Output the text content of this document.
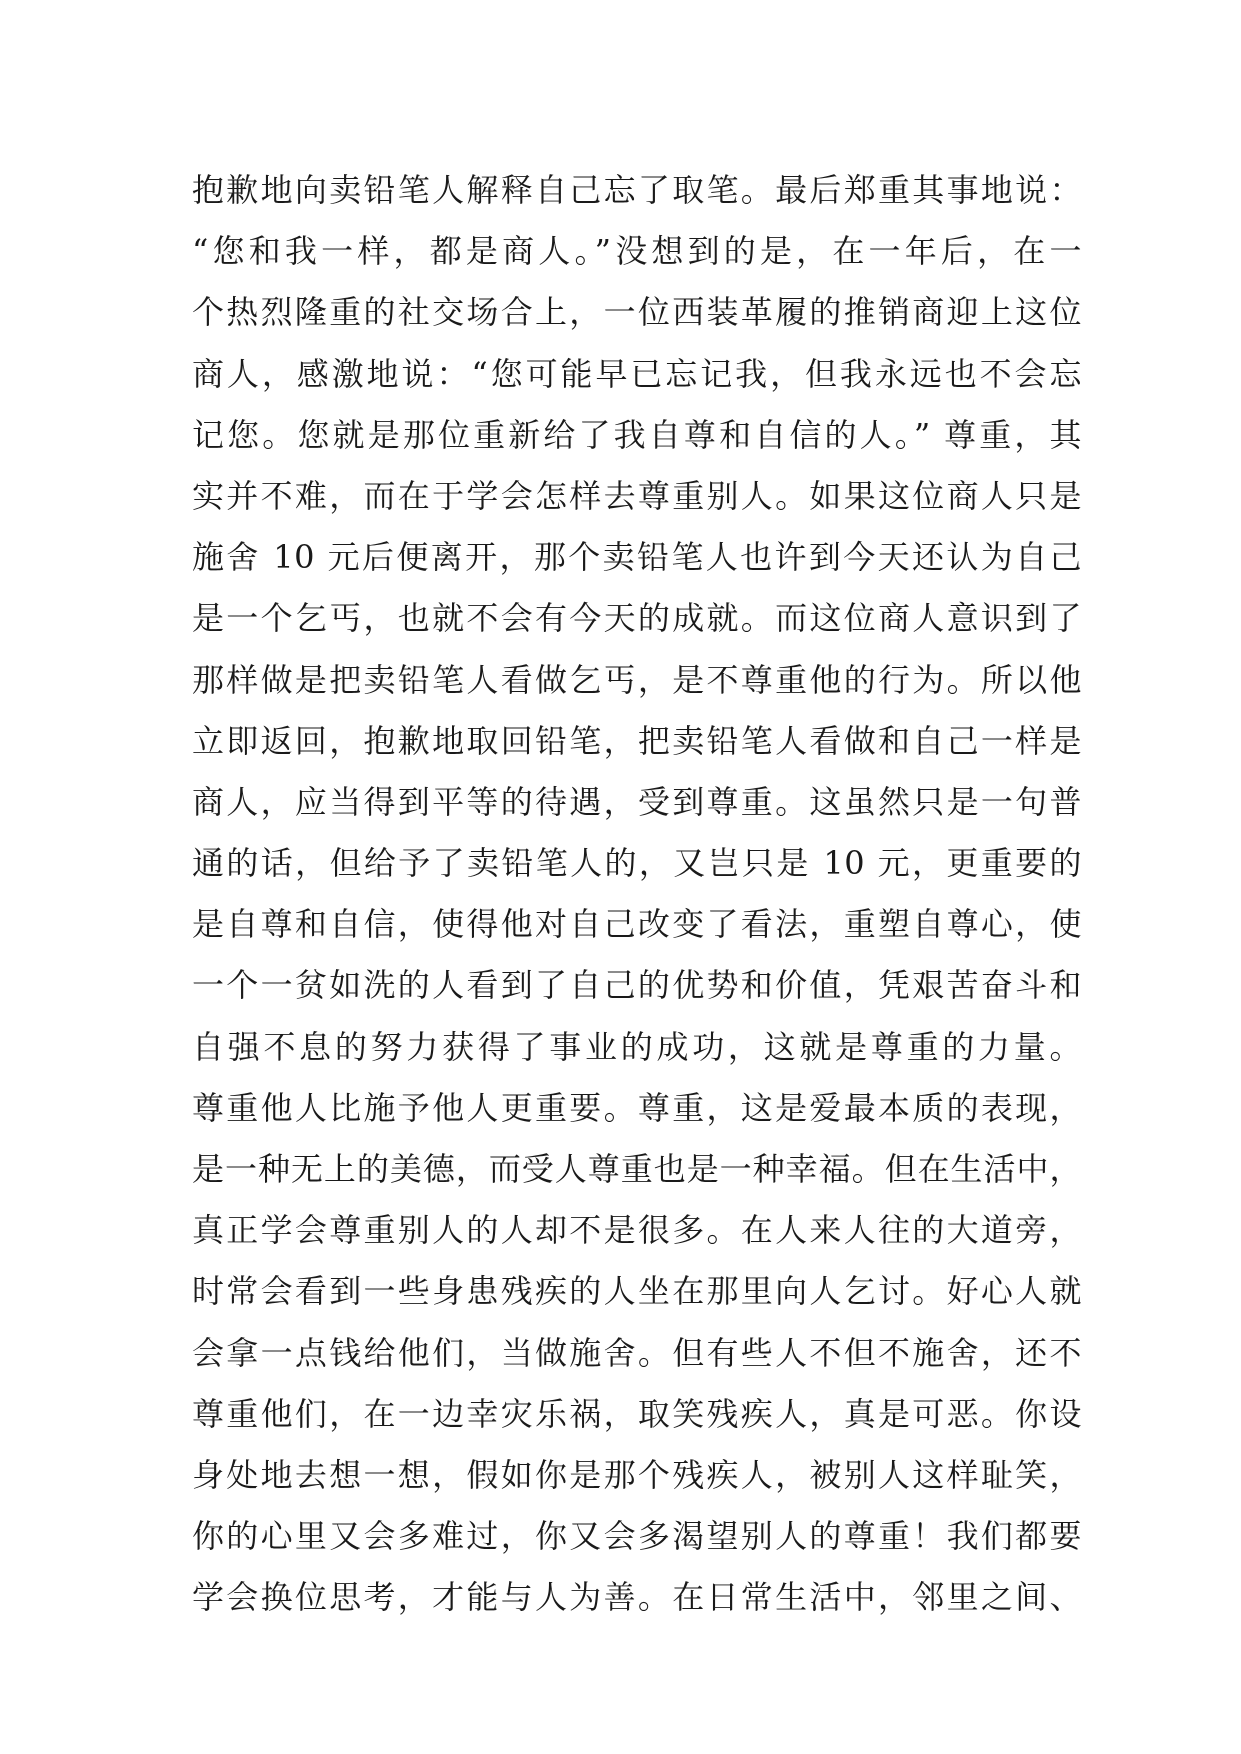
抱歉地向卖铅笔人解释自己忘了取笔。最后郑重其事地说：
“您和我一样，都是商人。”没想到的是，在一年后，在一
个热烈隆重的社交场合上，一位西装革履的推销商迎上这位
商人，感激地说：“您可能早已忘记我，但我永远也不会忘
记您。您就是那位重新给了我自尊和自信的人。” 尊重，其
实并不难，而在于学会怎样去尊重别人。如果这位商人只是
施舍 10 元后便离开，那个卖铅笔人也许到今天还认为自己
是一个乞丐，也就不会有今天的成就。而这位商人意识到了
那样做是把卖铅笔人看做乞丐，是不尊重他的行为。所以他
立即返回，抱歉地取回铅笔，把卖铅笔人看做和自己一样是
商人，应当得到平等的待遇，受到尊重。这虽然只是一句普
通的话，但给予了卖铅笔人的，又岂只是 10 元，更重要的
是自尊和自信，使得他对自己改变了看法，重塑自尊心，使
一个一贫如洗的人看到了自己的优势和价值，凭艰苦奋斗和
自强不息的努力获得了事业的成功，这就是尊重的力量。
尊重他人比施予他人更重要。尊重，这是爱最本质的表现，
是一种无上的美德，而受人尊重也是一种幸福。但在生活中，
真正学会尊重别人的人却不是很多。在人来人往的大道旁，
时常会看到一些身患残疾的人坐在那里向人乞讨。好心人就
会拿一点钱给他们，当做施舍。但有些人不但不施舍，还不
尊重他们，在一边幸灾乐祸，取笑残疾人，真是可恶。你设
身处地去想一想，假如你是那个残疾人，被别人这样耻笑，
你的心里又会多难过，你又会多渴望别人的尊重！我们都要
学会换位思考，才能与人为善。在日常生活中，邻里之间、
